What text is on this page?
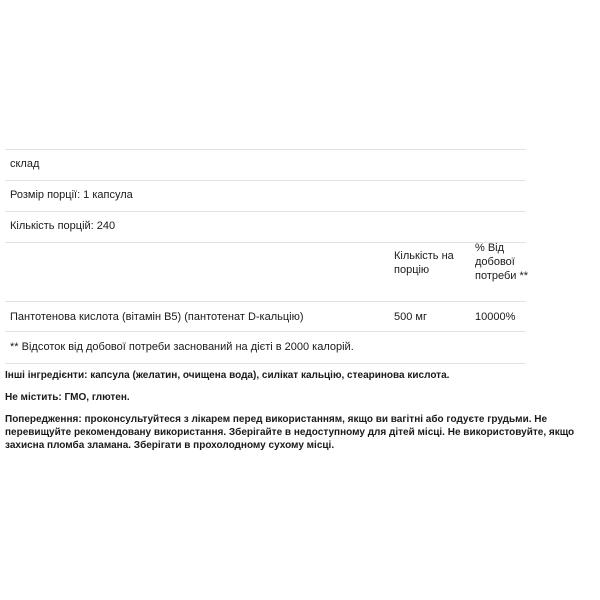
склад
Розмір порції: 1 капсула
Кількість порцій: 240
Кількість на порцію
% Від добової потреби **
Пантотенова кислота (вітамін B5) (пантотенат D-кальцію)	500 мг	10000%
** Відсоток від добової потреби заснований на дієті в 2000 калорій.

Інші інгредієнти: капсула (желатин, очищена вода), силікат кальцію, стеаринова кислота.

Не містить: ГМО, глютен.

Попередження: проконсультуйтеся з лікарем перед використанням, якщо ви вагітні або годуєте грудьми. Не перевищуйте рекомендовану використання. Зберігайте в недоступному для дітей місці. Не використовуйте, якщо захисна пломба зламана. Зберігати в прохолодному сухому місці.
